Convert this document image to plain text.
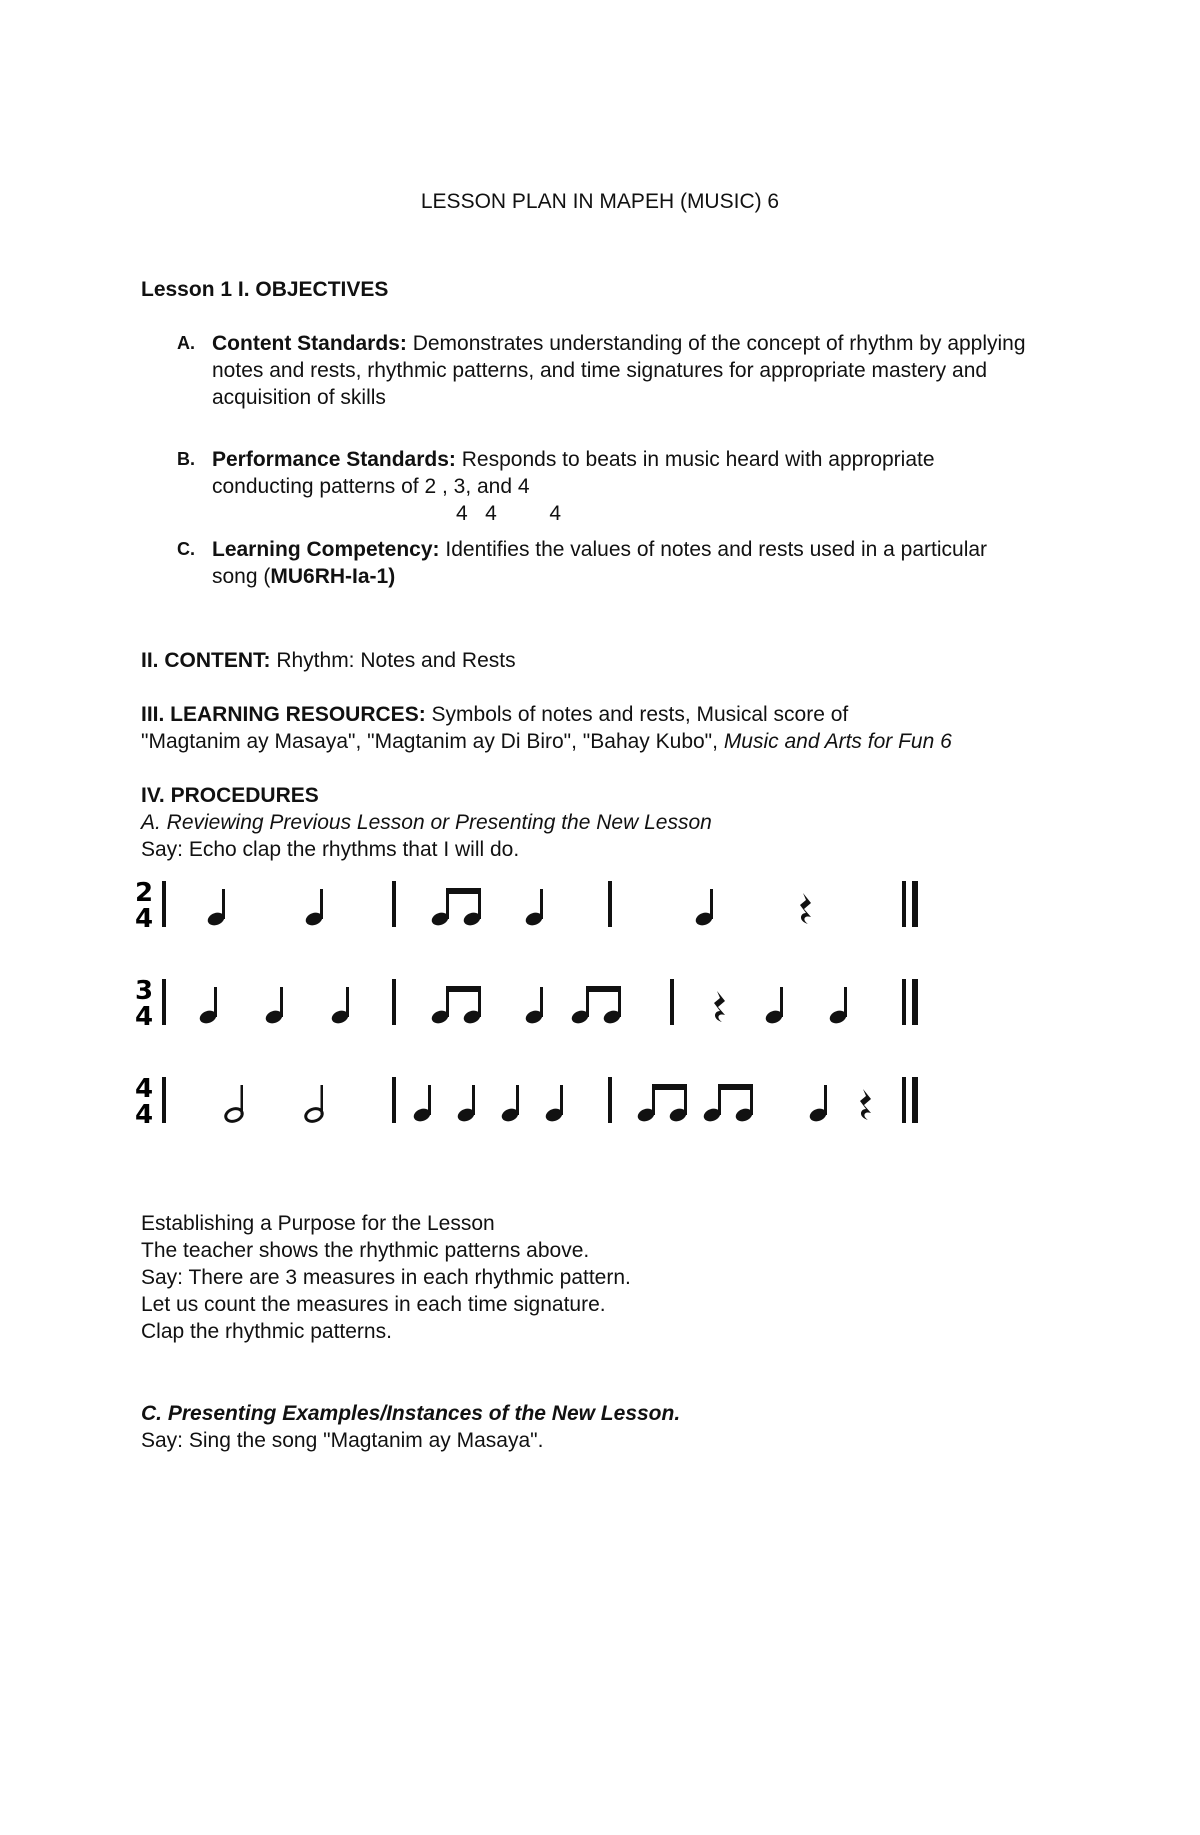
LESSON PLAN IN MAPEH (MUSIC) 6
Lesson 1 I. OBJECTIVES
A. Content Standards: Demonstrates understanding of the concept of rhythm by applying notes and rests, rhythmic patterns, and time signatures for appropriate mastery and acquisition of skills
B. Performance Standards: Responds to beats in music heard with appropriate
conducting patterns of 2 , 3, and 4
4   4         4
C. Learning Competency: Identifies the values of notes and rests used in a particular song (MU6RH-Ia-1)
II. CONTENT: Rhythm: Notes and Rests
III. LEARNING RESOURCES: Symbols of notes and rests, Musical score of
"Magtanim ay Masaya", "Magtanim ay Di Biro", "Bahay Kubo", Music and Arts for Fun 6
IV. PROCEDURES
A. Reviewing Previous Lesson or Presenting the New Lesson
Say: Echo clap the rhythms that I will do.
2
4
3
4
4
4
Establishing a Purpose for the Lesson
The teacher shows the rhythmic patterns above.
Say: There are 3 measures in each rhythmic pattern.
Let us count the measures in each time signature.
Clap the rhythmic patterns.
C. Presenting Examples/Instances of the New Lesson.
Say: Sing the song "Magtanim ay Masaya".
